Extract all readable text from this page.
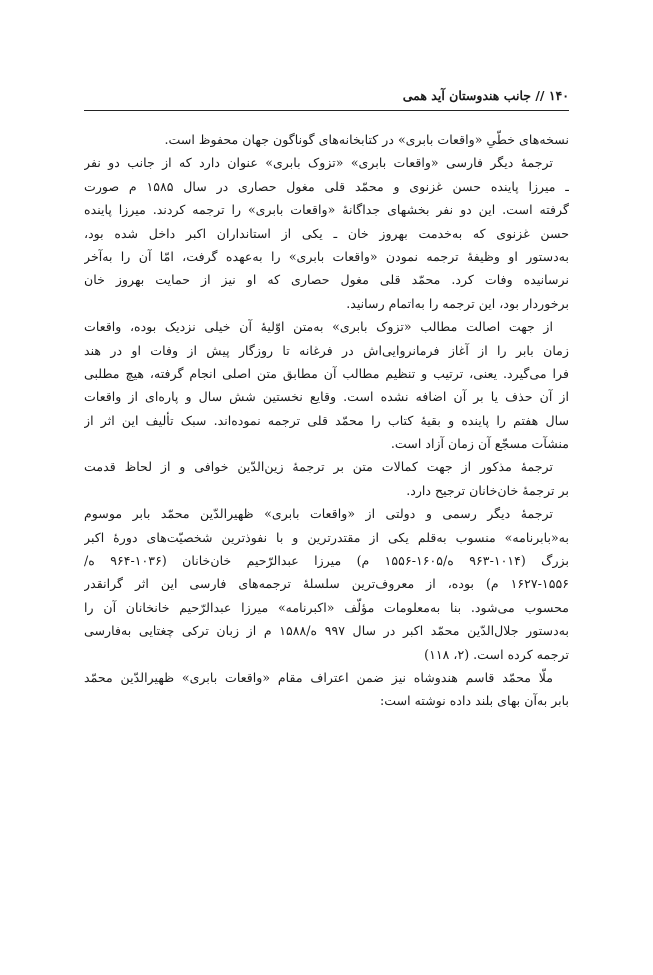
۱۴۰ // جانب هندوستان آید همی
نسخه‌های خطّیِ «واقعات بابری» در کتابخانه‌های گوناگون جهان محفوظ است.
ترجمهٔ دیگر فارسی «واقعات بابری» «تزوک بابری» عنوان دارد که از جانب دو نفر
ـ میرزا پاینده حسن غزنوی و محمّد قلی مغول حصاری در سال ۱۵۸۵ م صورت
گرفته است. این دو نفر بخشهای جداگانهٔ «واقعات بابری» را ترجمه کردند. میرزا پاینده
حسن غزنوی که به‌خدمت بهروز خان ـ یکی از استانداران اکبر داخل شده بود،
به‌دستور او وظیفهٔ ترجمه نمودن «واقعات بابری» را به‌عهده گرفت، امّا آن را به‌آخر
نرسانیده وفات کرد. محمّد قلی مغول حصاری که او نیز از حمایت بهروز خان
برخوردار بود، این ترجمه را به‌اتمام رسانید.
از جهت اصالت مطالب «تزوک بابری» به‌متن اوّلیهٔ آن خیلی نزدیک بوده، واقعات
زمان بابر را از آغاز فرمانروایی‌اش در فرغانه تا روزگار پیش از وفات او در هند
فرا می‌گیرد. یعنی، ترتیب و تنظیم مطالب آن مطابق متن اصلی انجام گرفته، هیچ مطلبی
از آن حذف یا بر آن اضافه نشده است. وقایع نخستین شش سال و پاره‌ای از واقعات
سال هفتم را پاینده و بقیهٔ کتاب را محمّد قلی ترجمه نموده‌اند. سبک تألیف این اثر از
منشآت مسجّع آن زمان آزاد است.
ترجمهٔ مذکور از جهت کمالات متن بر ترجمهٔ زین‌الدّین خوافی و از لحاظ قدمت
بر ترجمهٔ خان‌خانان ترجیح دارد.
ترجمهٔ دیگر رسمی و دولتی از «واقعات بابری» ظهیرالدّین محمّد بابر موسوم
به«بابرنامه» منسوب به‌قلم یکی از مقتدرترین و با نفوذترین شخصیّت‌های دورهٔ اکبر
بزرگ (۱۰۱۴-۹۶۳ ه/۱۶۰۵-۱۵۵۶ م) میرزا عبدالرّحیم خان‌خانان (۱۰۳۶-۹۶۴ ه/
۱۶۲۷-۱۵۵۶ م) بوده، از معروف‌ترین سلسلهٔ ترجمه‌های فارسی این اثر گرانقدر
محسوب می‌شود. بنا به‌معلومات مؤلّف «اکبرنامه» میرزا عبدالرّحیم خانخانان آن را
به‌دستور جلال‌الدّین محمّد اکبر در سال ۹۹۷ ه/۱۵۸۸ م از زبان ترکی چغتایی به‌فارسی
ترجمه کرده است. (۲، ۱۱۸)
ملّا محمّد قاسم هندوشاه نیز ضمن اعتراف مقام «واقعات بابری» ظهیرالدّین محمّد
بابر به‌آن بهای بلند داده نوشته است:
